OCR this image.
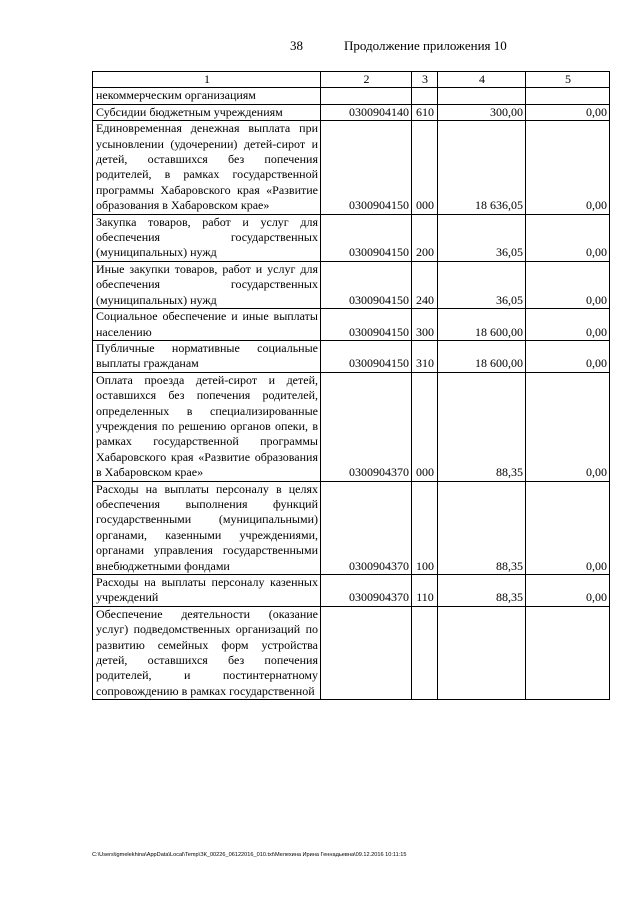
38	Продолжение приложения 10
1	2	3	4	5
некоммерческим организациям				
Субсидии бюджетным учреждениям	0300904140	610	300,00	0,00
Единовременная денежная выплата при усыновлении (удочерении) детей-сирот и детей, оставшихся без попечения родителей, в рамках государственной программы Хабаровского края «Развитие образования в Хабаровском крае»	0300904150	000	18 636,05	0,00
Закупка товаров, работ и услуг для обеспечения государственных (муниципальных) нужд	0300904150	200	36,05	0,00
Иные закупки товаров, работ и услуг для обеспечения государственных (муниципальных) нужд	0300904150	240	36,05	0,00
Социальное обеспечение и иные выплаты населению	0300904150	300	18 600,00	0,00
Публичные нормативные социальные выплаты гражданам	0300904150	310	18 600,00	0,00
Оплата проезда детей-сирот и детей, оставшихся без попечения родителей, определенных в специализированные учреждения по решению органов опеки, в рамках государственной программы Хабаровского края «Развитие образования в Хабаровском крае»	0300904370	000	88,35	0,00
Расходы на выплаты персоналу в целях обеспечения выполнения функций государственными (муниципальными) органами, казенными учреждениями, органами управления государственными внебюджетными фондами	0300904370	100	88,35	0,00
Расходы на выплаты персоналу казенных учреждений	0300904370	110	88,35	0,00
Обеспечение деятельности (оказание услуг) подведомственных организаций по развитию семейных форм устройства детей, оставшихся без попечения родителей, и постинтернатному сопровождению в рамках государственной				
C:\Users\igmelekhina\AppData\Local\Temp\ЗК_00226_06122016_010.txt\Мелехина Ирина Геннадьевна\09.12.2016 10:11:15
